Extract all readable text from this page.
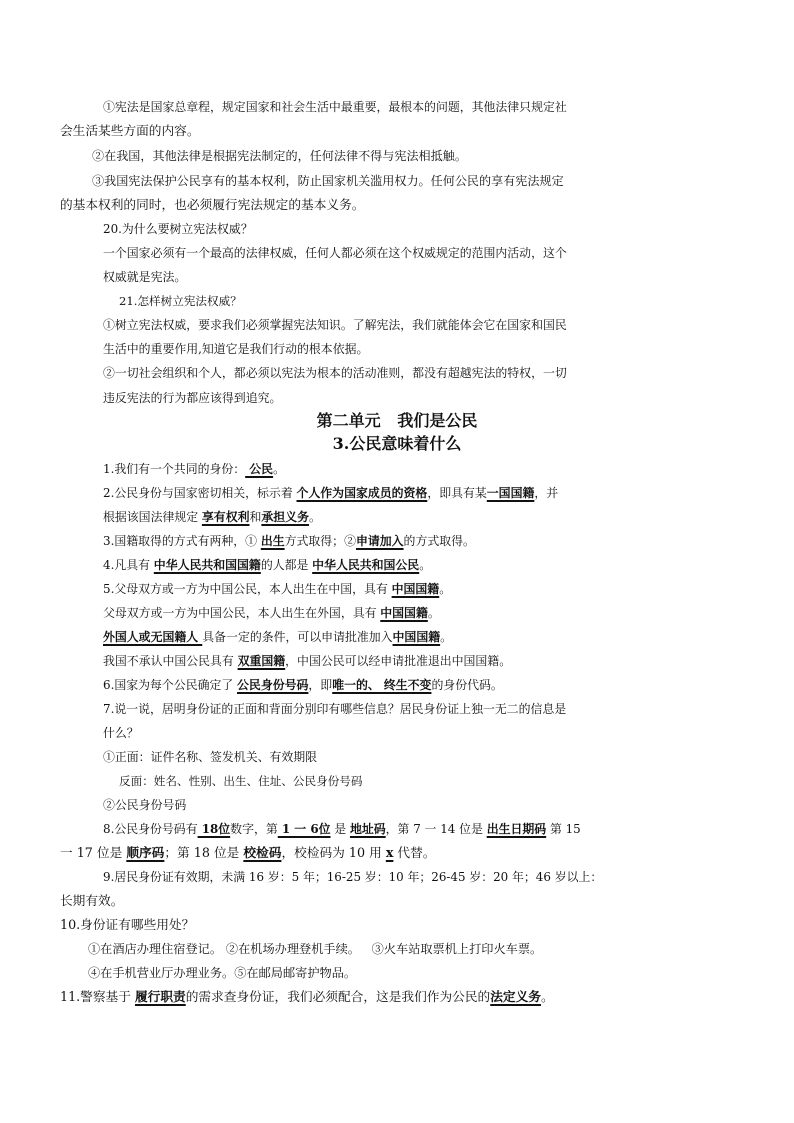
①宪法是国家总章程，规定国家和社会生活中最重要，最根本的问题，其他法律只规定社
会生活某些方面的内容。
②在我国，其他法律是根据宪法制定的，任何法律不得与宪法相抵触。
③我国宪法保护公民享有的基本权利，防止国家机关滥用权力。任何公民的享有宪法规定
的基本权利的同时，也必须履行宪法规定的基本义务。
20.为什么要树立宪法权威？
一个国家必须有一个最高的法律权威，任何人都必须在这个权威规定的范围内活动，这个
权威就是宪法。
21.怎样树立宪法权威？
①树立宪法权威，要求我们必须掌握宪法知识。了解宪法，我们就能体会它在国家和国民
生活中的重要作用,知道它是我们行动的根本依据。
②一切社会组织和个人，都必须以宪法为根本的活动准则，都没有超越宪法的特权，一切
违反宪法的行为都应该得到追究。
第二单元   我们是公民
3.公民意味着什么
1.我们有一个共同的身份： 公民。
2.公民身份与国家密切相关，标示着 个人作为国家成员的资格，即具有某一国国籍，并
根据该国法律规定 享有权利和承担义务。
3.国籍取得的方式有两种，① 出生方式取得；②申请加入的方式取得。
4.凡具有 中华人民共和国国籍的人都是 中华人民共和国公民。
5.父母双方或一方为中国公民，本人出生在中国，具有 中国国籍。
父母双方或一方为中国公民，本人出生在外国，具有 中国国籍。
外国人或无国籍人 具备一定的条件，可以申请批准加入中国国籍。
我国不承认中国公民具有 双重国籍，中国公民可以经申请批准退出中国国籍。
6.国家为每个公民确定了 公民身份号码，即唯一的、 终生不变的身份代码。
7.说一说，居明身份证的正面和背面分别印有哪些信息？居民身份证上独一无二的信息是
什么？
①正面：证件名称、签发机关、有效期限
反面：姓名、性别、出生、住址、公民身份号码
②公民身份号码
8.公民身份号码有 18位数字，第 1 一 6位 是 地址码，第 7 一 14 位是 出生日期码 第 15
一 17 位是 顺序码；第 18 位是 校检码，校检码为 10 用 x 代替。
9.居民身份证有效期，未满 16 岁：5 年；16-25 岁：10 年；26-45 岁：20 年；46 岁以上：
长期有效。
10.身份证有哪些用处？
①在酒店办理住宿登记。 ②在机场办理登机手续。   ③火车站取票机上打印火车票。
④在手机营业厅办理业务。⑤在邮局邮寄护物品。
11.警察基于 履行职责的需求查身份证，我们必须配合，这是我们作为公民的法定义务。
